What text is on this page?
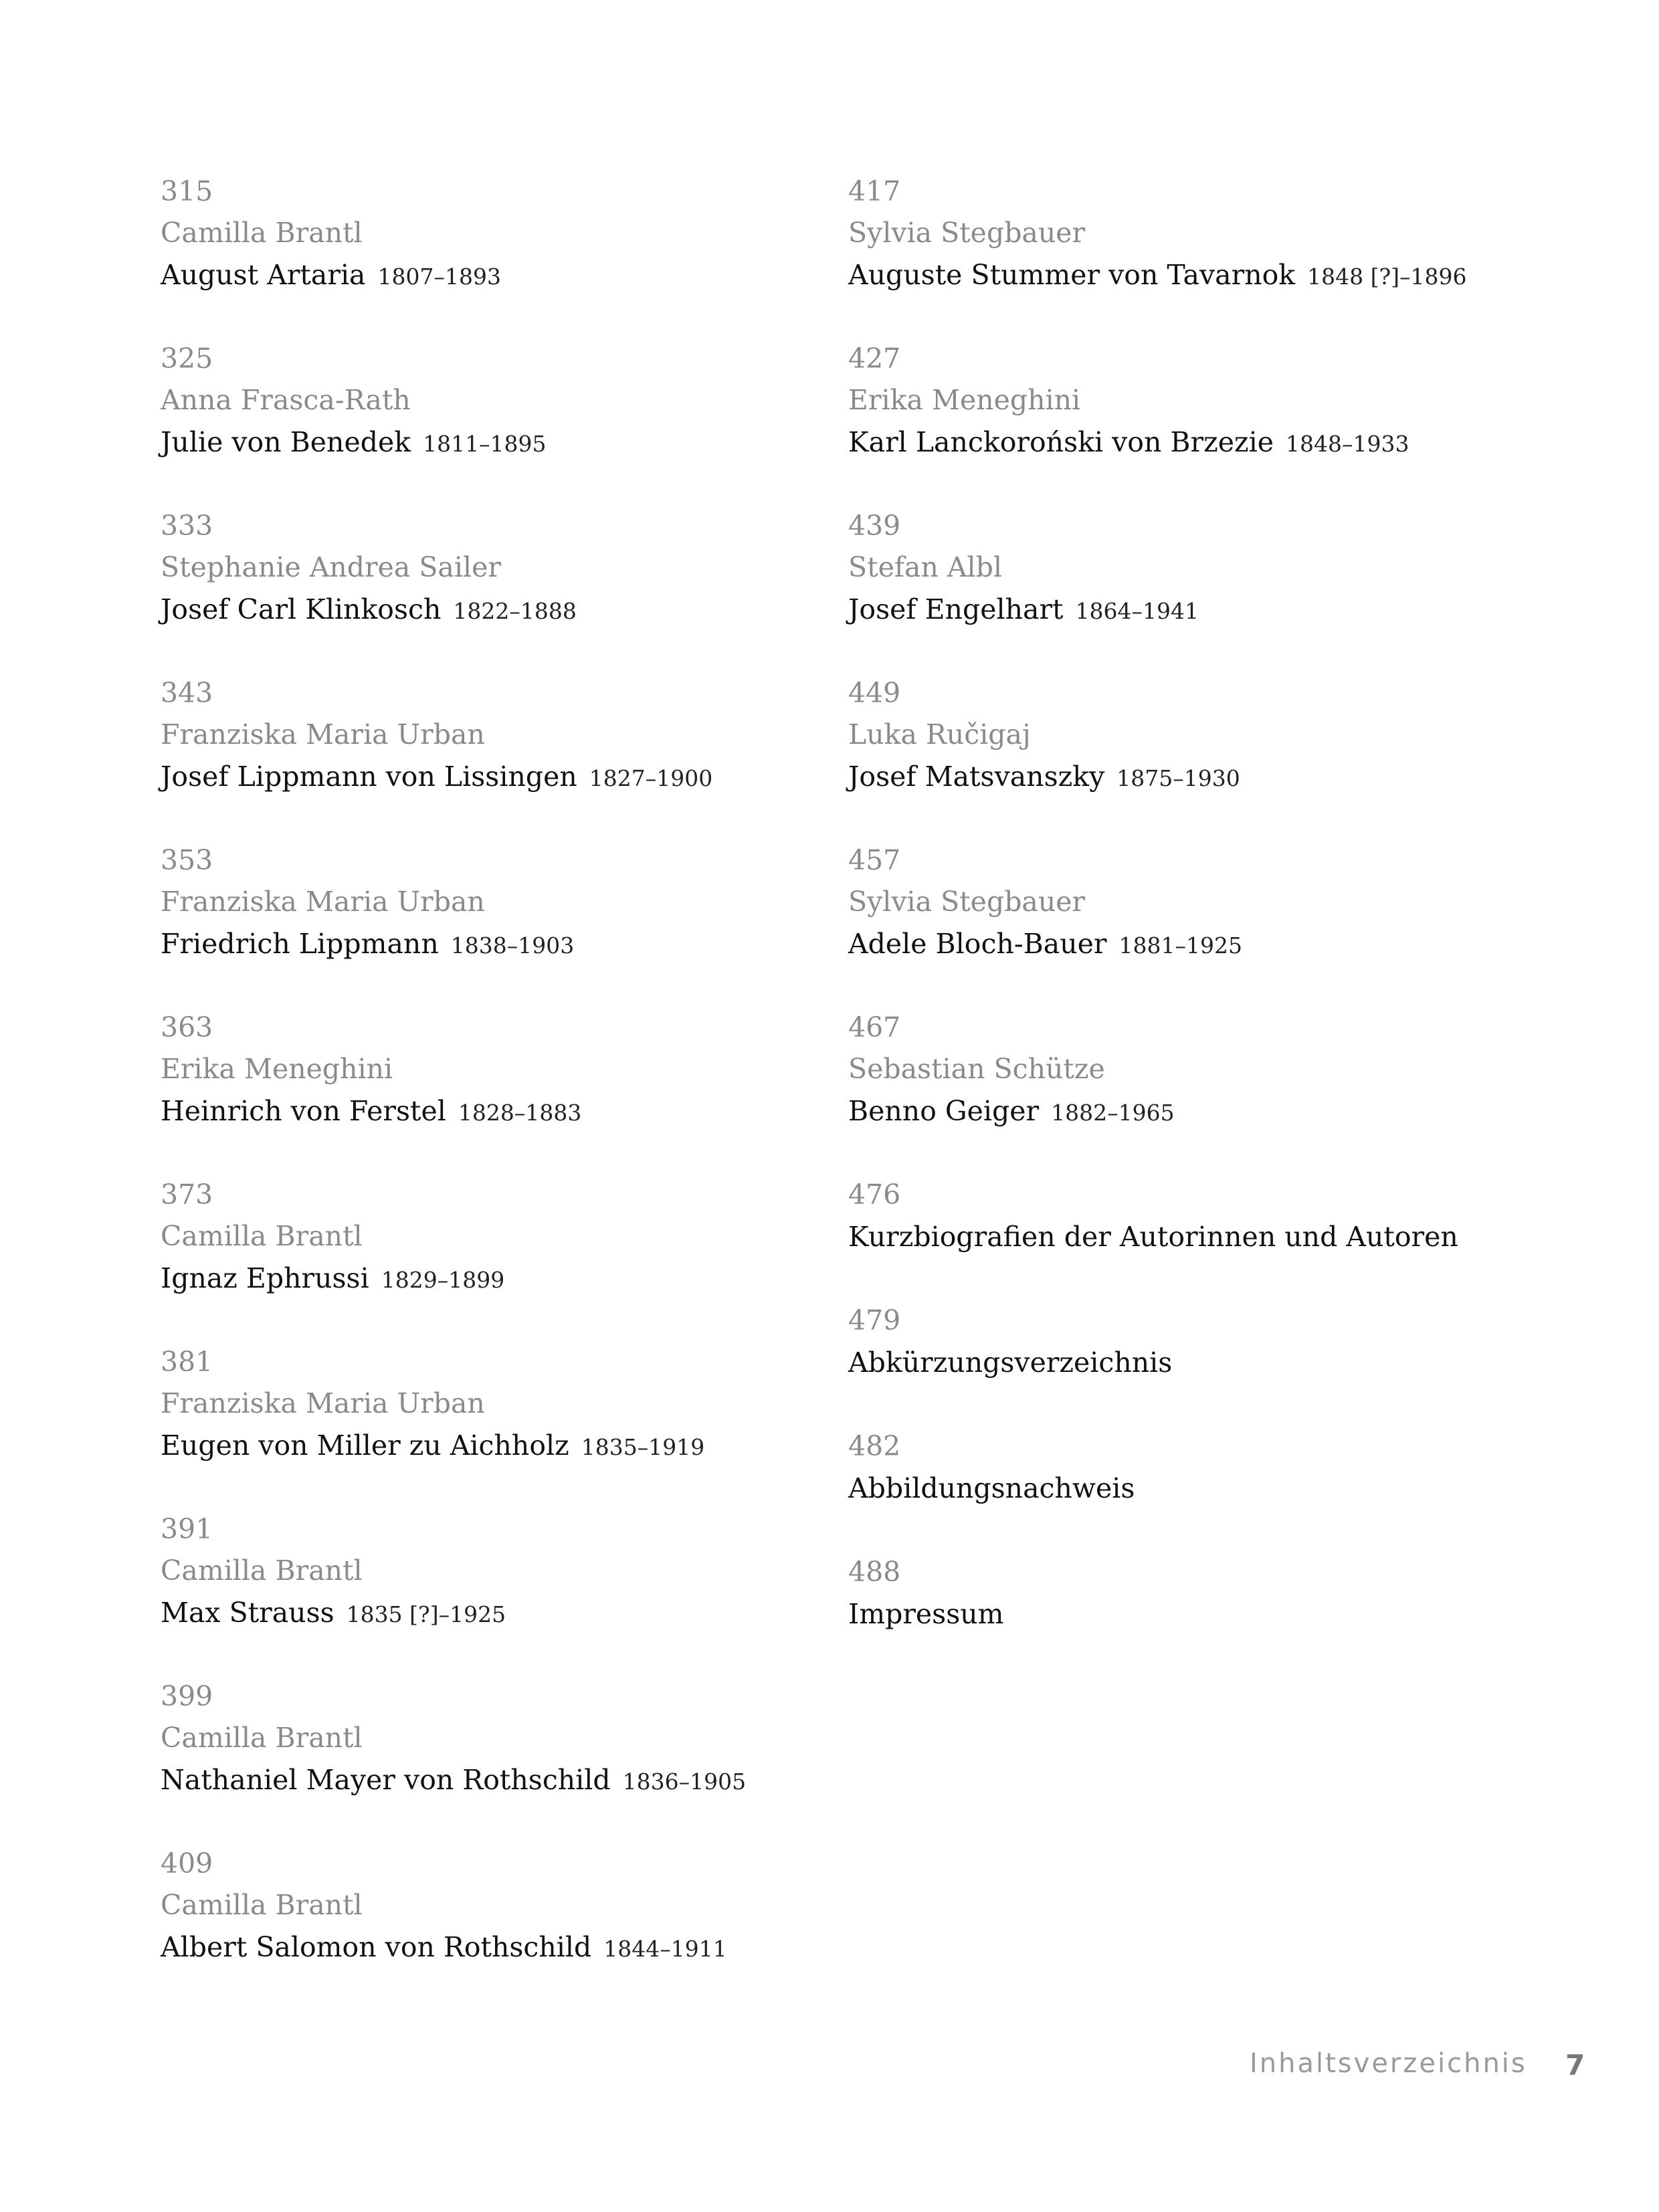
315
Camilla Brantl
August Artaria 1807–1893
325
Anna Frasca-Rath
Julie von Benedek 1811–1895
333
Stephanie Andrea Sailer
Josef Carl Klinkosch 1822–1888
343
Franziska Maria Urban
Josef Lippmann von Lissingen 1827–1900
353
Franziska Maria Urban
Friedrich Lippmann 1838–1903
363
Erika Meneghini
Heinrich von Ferstel 1828–1883
373
Camilla Brantl
Ignaz Ephrussi 1829–1899
381
Franziska Maria Urban
Eugen von Miller zu Aichholz 1835–1919
391
Camilla Brantl
Max Strauss 1835 [?]–1925
399
Camilla Brantl
Nathaniel Mayer von Rothschild 1836–1905
409
Camilla Brantl
Albert Salomon von Rothschild 1844–1911
417
Sylvia Stegbauer
Auguste Stummer von Tavarnok 1848 [?]–1896
427
Erika Meneghini
Karl Lanckoroński von Brzezie 1848–1933
439
Stefan Albl
Josef Engelhart 1864–1941
449
Luka Ručigaj
Josef Matsvanszky 1875–1930
457
Sylvia Stegbauer
Adele Bloch-Bauer 1881–1925
467
Sebastian Schütze
Benno Geiger 1882–1965
476
Kurzbiografien der Autorinnen und Autoren
479
Abkürzungsverzeichnis
482
Abbildungsnachweis
488
Impressum
Inhaltsverzeichnis 7
